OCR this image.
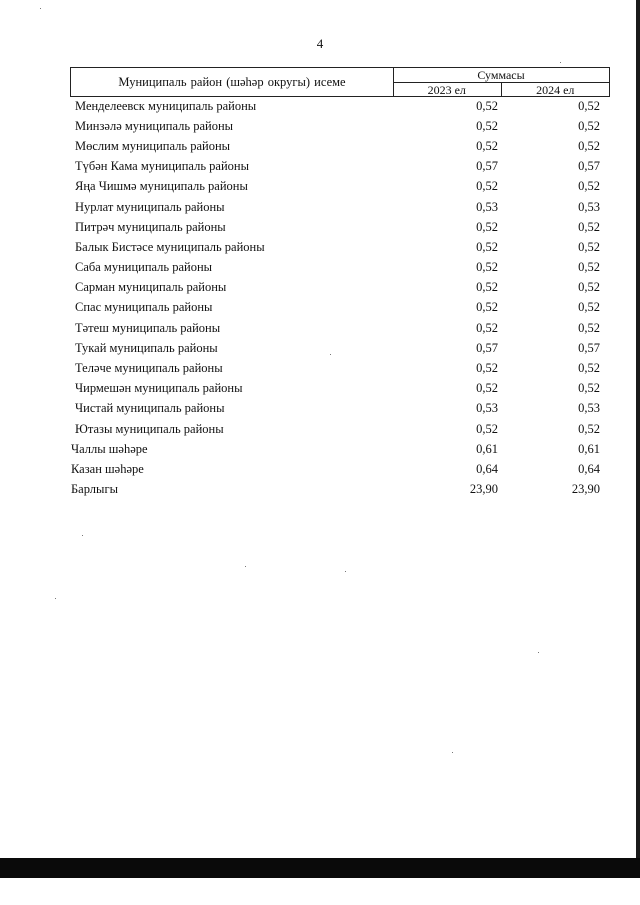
4
Муниципаль район (шәһәр округы) исеме	Суммасы
2023 ел	2024 ел
Менделеевск муниципаль районы	0,52	0,52
Минзәлә муниципаль районы	0,52	0,52
Мөслим муниципаль районы	0,52	0,52
Түбән Кама муниципаль районы	0,57	0,57
Яңа Чишмә муниципаль районы	0,52	0,52
Нурлат муниципаль районы	0,53	0,53
Питрәч муниципаль районы	0,52	0,52
Балык Бистәсе муниципаль районы	0,52	0,52
Саба муниципаль районы	0,52	0,52
Сарман муниципаль районы	0,52	0,52
Спас муниципаль районы	0,52	0,52
Тәтеш муниципаль районы	0,52	0,52
Тукай муниципаль районы	0,57	0,57
Теләче муниципаль районы	0,52	0,52
Чирмешән муниципаль районы	0,52	0,52
Чистай муниципаль районы	0,53	0,53
Ютазы муниципаль районы	0,52	0,52
Чаллы шәһәре	0,61	0,61
Казан шәһәре	0,64	0,64
Барлыгы	23,90	23,90
